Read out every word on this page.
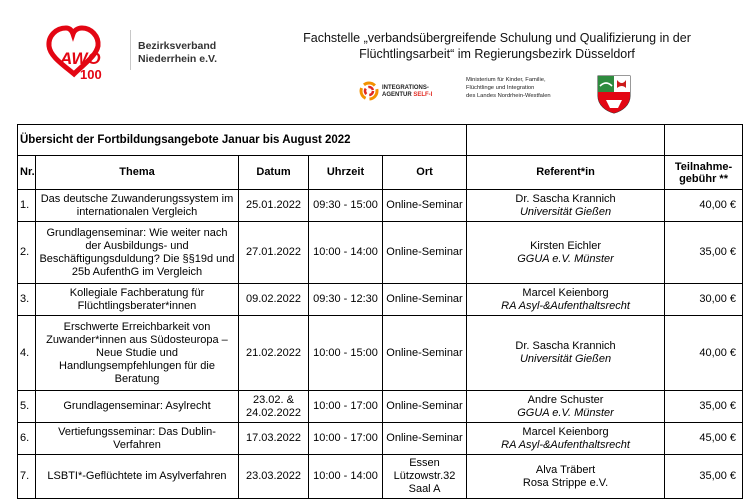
AWO
100
Bezirksverband
Niederrhein e.V.
Fachstelle „verbandsübergreifende Schulung und Qualifizierung in der
Flüchtlingsarbeit“ im Regierungsbezirk Düsseldorf
INTEGRATIONS-
AGENTUR SELF-I
Ministerium für Kinder, Familie,
Flüchtlinge und Integration
des Landes Nordrhein-Westfalen
Übersicht der Fortbildungsangebote Januar bis August 2022						
Nr.	Thema	Datum	Uhrzeit	Ort	Referent*in	Teilnahme-
gebühr **

1.	Das deutsche Zuwanderungssystem im internationalen Vergleich	25.01.2022	09:30 - 15:00	Online-Seminar	Dr. Sascha Krannich
Universität Gießen	40,00 €
2.	Grundlagenseminar: Wie weiter nach der Ausbildungs- und Beschäftigungsduldung? Die §§19d und 25b AufenthG im Vergleich	27.01.2022	10:00 - 14:00	Online-Seminar	Kirsten Eichler
GGUA e.V. Münster	35,00 €
3.	Kollegiale Fachberatung für Flüchtlingsberater*innen	09.02.2022	09:30 - 12:30	Online-Seminar	Marcel Keienborg
RA Asyl-&Aufenthaltsrecht	30,00 €
4.	Erschwerte Erreichbarkeit von Zuwander*innen aus Südosteuropa – Neue Studie und Handlungsempfehlungen für die Beratung	21.02.2022	10:00 - 15:00	Online-Seminar	Dr. Sascha Krannich
Universität Gießen	40,00 €
5.	Grundlagenseminar: Asylrecht	23.02. & 24.02.2022	10:00 - 17:00	Online-Seminar	Andre Schuster
GGUA e.V. Münster	35,00 €
6.	Vertiefungsseminar: Das Dublin-Verfahren	17.03.2022	10:00 - 17:00	Online-Seminar	Marcel Keienborg
RA Asyl-&Aufenthaltsrecht	45,00 €
7.	LSBTI*-Geflüchtete im Asylverfahren	23.03.2022	10:00 - 14:00	Essen Lützowstr.32 Saal A	Alva Träbert
Rosa Strippe e.V.	35,00 €
